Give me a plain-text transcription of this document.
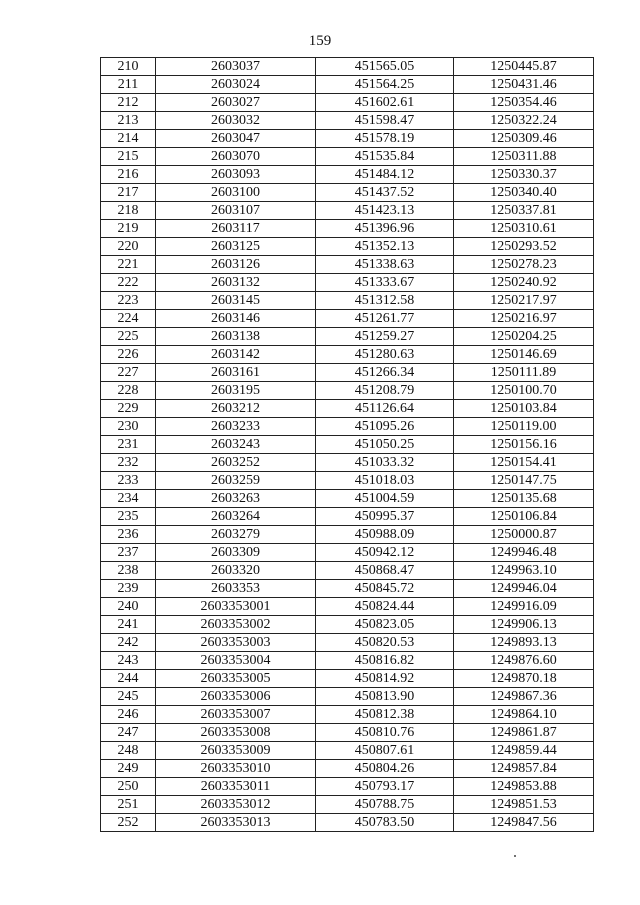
159
210	2603037	451565.05	1250445.87
211	2603024	451564.25	1250431.46
212	2603027	451602.61	1250354.46
213	2603032	451598.47	1250322.24
214	2603047	451578.19	1250309.46
215	2603070	451535.84	1250311.88
216	2603093	451484.12	1250330.37
217	2603100	451437.52	1250340.40
218	2603107	451423.13	1250337.81
219	2603117	451396.96	1250310.61
220	2603125	451352.13	1250293.52
221	2603126	451338.63	1250278.23
222	2603132	451333.67	1250240.92
223	2603145	451312.58	1250217.97
224	2603146	451261.77	1250216.97
225	2603138	451259.27	1250204.25
226	2603142	451280.63	1250146.69
227	2603161	451266.34	1250111.89
228	2603195	451208.79	1250100.70
229	2603212	451126.64	1250103.84
230	2603233	451095.26	1250119.00
231	2603243	451050.25	1250156.16
232	2603252	451033.32	1250154.41
233	2603259	451018.03	1250147.75
234	2603263	451004.59	1250135.68
235	2603264	450995.37	1250106.84
236	2603279	450988.09	1250000.87
237	2603309	450942.12	1249946.48
238	2603320	450868.47	1249963.10
239	2603353	450845.72	1249946.04
240	2603353001	450824.44	1249916.09
241	2603353002	450823.05	1249906.13
242	2603353003	450820.53	1249893.13
243	2603353004	450816.82	1249876.60
244	2603353005	450814.92	1249870.18
245	2603353006	450813.90	1249867.36
246	2603353007	450812.38	1249864.10
247	2603353008	450810.76	1249861.87
248	2603353009	450807.61	1249859.44
249	2603353010	450804.26	1249857.84
250	2603353011	450793.17	1249853.88
251	2603353012	450788.75	1249851.53
252	2603353013	450783.50	1249847.56
